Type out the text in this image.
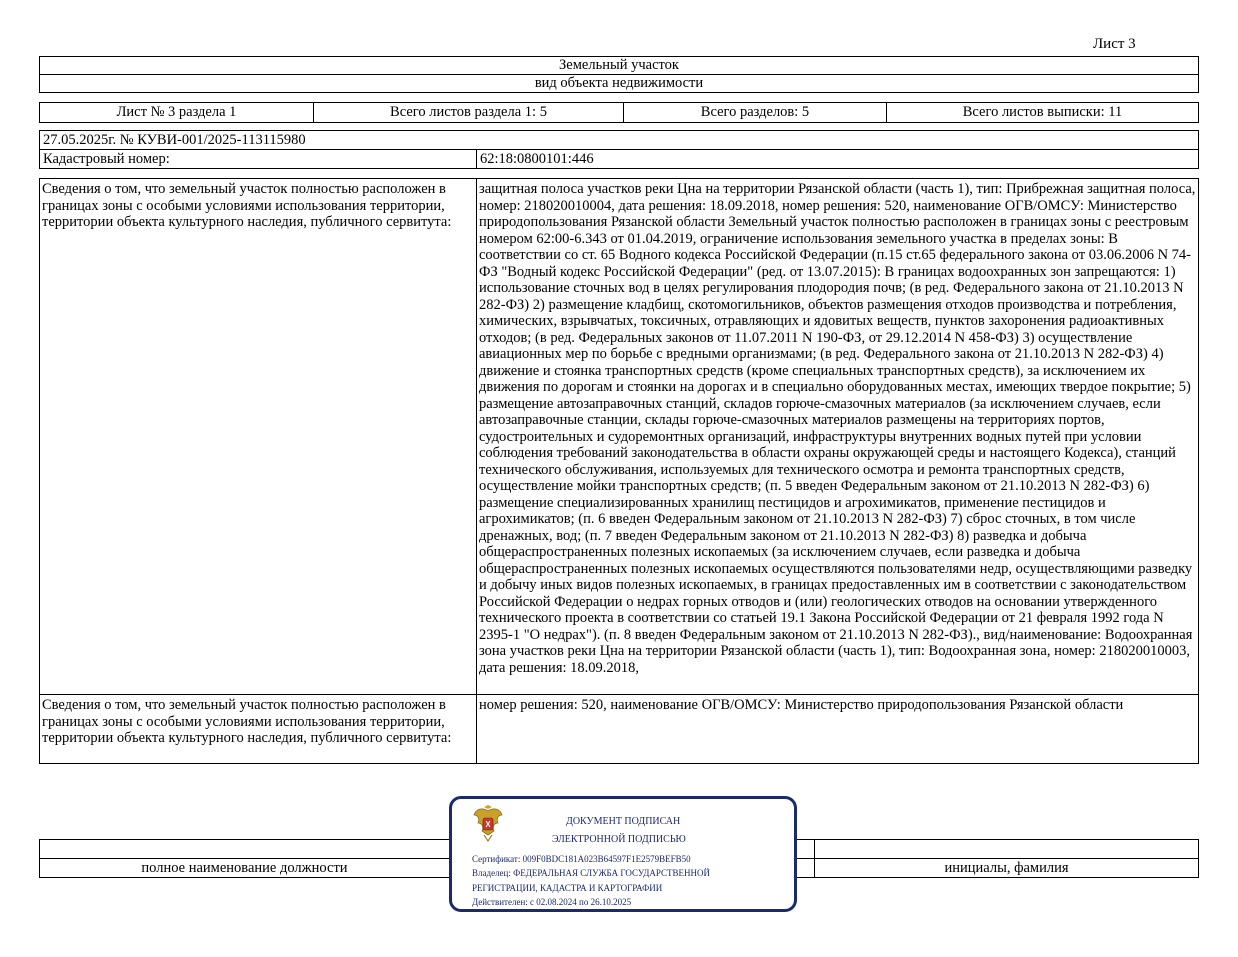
Лист 3
Земельный участок
вид объекта недвижимости
Лист № 3 раздела 1	Всего листов раздела 1: 5	Всего разделов: 5	Всего листов выписки: 11
27.05.2025г. № КУВИ-001/2025-113115980
Кадастровый номер:	62:18:0800101:446
Сведения о том, что земельный участок полностью расположен в границах зоны с особыми условиями использования территории, территории объекта культурного наследия, публичного сервитута:	защитная полоса участков реки Цна на территории Рязанской области (часть 1), тип: Прибрежная защитная полоса, номер: 218020010004, дата решения: 18.09.2018, номер решения: 520, наименование ОГВ/ОМСУ: Министерство природопользования Рязанской области Земельный участок полностью расположен в границах зоны с реестровым номером 62:00-6.343 от 01.04.2019, ограничение использования земельного участка в пределах зоны: В соответствии со ст. 65 Водного кодекса Российской Федерации (п.15 ст.65 федерального закона от 03.06.2006 N 74-ФЗ "Водный кодекс Российской Федерации" (ред. от 13.07.2015): В границах водоохранных зон запрещаются: 1) использование сточных вод в целях регулирования плодородия почв; (в ред. Федерального закона от 21.10.2013 N 282-ФЗ) 2) размещение кладбищ, скотомогильников, объектов размещения отходов производства и потребления, химических, взрывчатых, токсичных, отравляющих и ядовитых веществ, пунктов захоронения радиоактивных отходов; (в ред. Федеральных законов от 11.07.2011 N 190-ФЗ, от 29.12.2014 N 458-ФЗ) 3) осуществление авиационных мер по борьбе с вредными организмами; (в ред. Федерального закона от 21.10.2013 N 282-ФЗ) 4) движение и стоянка транспортных средств (кроме специальных транспортных средств), за исключением их движения по дорогам и стоянки на дорогах и в специально оборудованных местах, имеющих твердое покрытие; 5) размещение автозаправочных станций, складов горюче-смазочных материалов (за исключением случаев, если автозаправочные станции, склады горюче-смазочных материалов размещены на территориях портов, судостроительных и судоремонтных организаций, инфраструктуры внутренних водных путей при условии соблюдения требований законодательства в области охраны окружающей среды и настоящего Кодекса), станций технического обслуживания, используемых для технического осмотра и ремонта транспортных средств, осуществление мойки транспортных средств; (п. 5 введен Федеральным законом от 21.10.2013 N 282-ФЗ) 6) размещение специализированных хранилищ пестицидов и агрохимикатов, применение пестицидов и агрохимикатов; (п. 6 введен Федеральным законом от 21.10.2013 N 282-ФЗ) 7) сброс сточных, в том числе дренажных, вод; (п. 7 введен Федеральным законом от 21.10.2013 N 282-ФЗ) 8) разведка и добыча общераспространенных полезных ископаемых (за исключением случаев, если разведка и добыча общераспространенных полезных ископаемых осуществляются пользователями недр, осуществляющими разведку и добычу иных видов полезных ископаемых, в границах предоставленных им в соответствии с законодательством Российской Федерации о недрах горных отводов и (или) геологических отводов на основании утвержденного технического проекта в соответствии со статьей 19.1 Закона Российской Федерации от 21 февраля 1992 года N 2395-1 "О недрах"). (п. 8 введен Федеральным законом от 21.10.2013 N 282-ФЗ)., вид/наименование: Водоохранная зона участков реки Цна на территории Рязанской области (часть 1), тип: Водоохранная зона, номер: 218020010003, дата решения: 18.09.2018,
Сведения о том, что земельный участок полностью расположен в границах зоны с особыми условиями использования территории, территории объекта культурного наследия, публичного сервитута:	номер решения: 520, наименование ОГВ/ОМСУ: Министерство природопользования Рязанской области

полное наименование должности		инициалы, фамилия
ДОКУМЕНТ ПОДПИСАН
ЭЛЕКТРОННОЙ ПОДПИСЬЮ
Сертификат: 009F0BDC181A023B64597F1E2579BEFB50
Владелец: ФЕДЕРАЛЬНАЯ СЛУЖБА ГОСУДАРСТВЕННОЙ
РЕГИСТРАЦИИ, КАДАСТРА И КАРТОГРАФИИ
Действителен: с 02.08.2024 по 26.10.2025
